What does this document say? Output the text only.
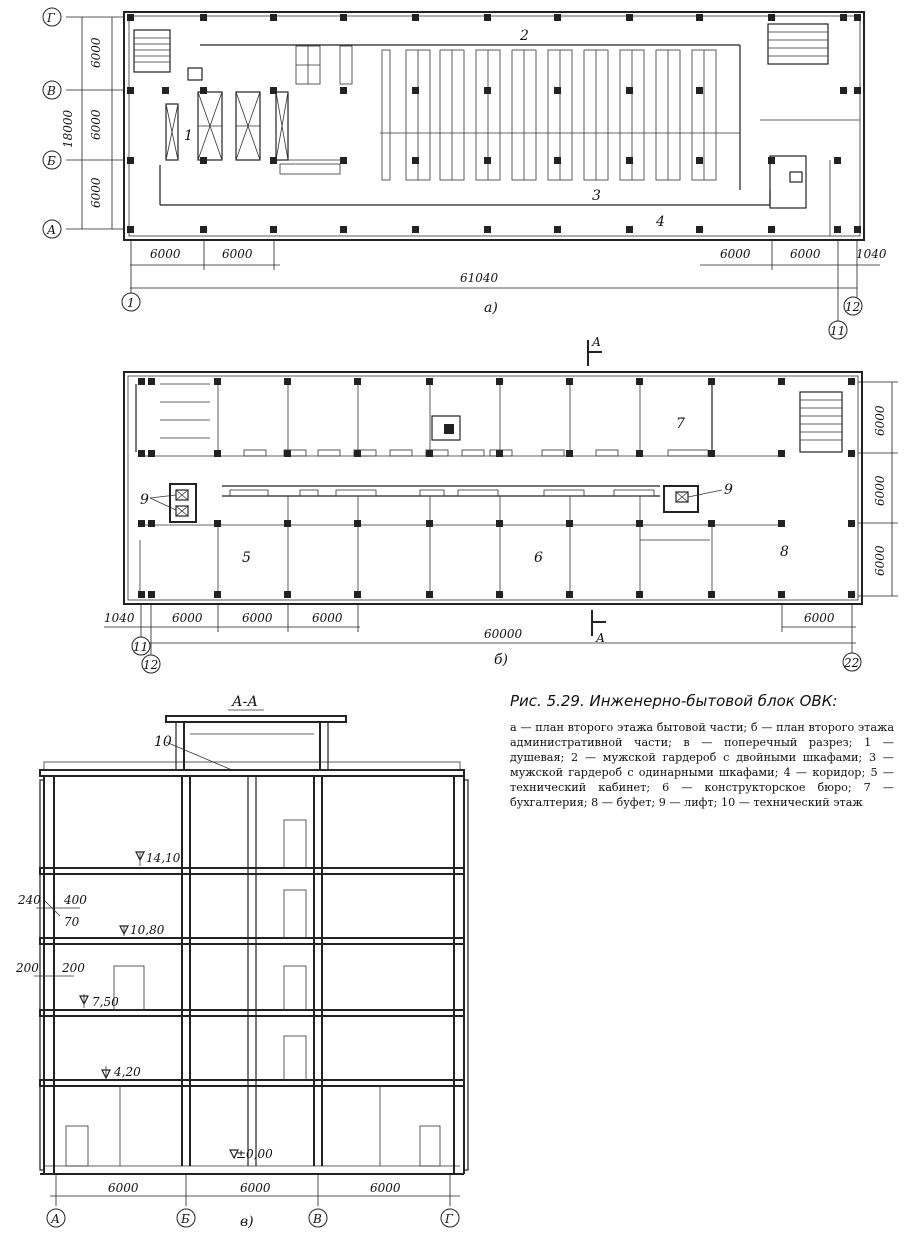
1
2
3
4
6000
6000
6000
18000
Г
В
Б
А
6000	6000	6000	6000	1040
61040
1
11
12
а)
5	6
7
8
9
9
А
А
6000
6000
6000
1040	6000	6000	6000	6000
60000
11
12	22
б)
А-А
10
14,10
10,80
7,50
4,20
±0,00
240 400
70
200 200
6000	6000	6000
А	Б	В	Г
в)

Рис. 5.29. Инженерно-бытовой блок ОВК:

а — план второго этажа бытовой части; б — план второго этажа административной части; в — поперечный разрез; 1 — душевая; 2 — мужской гардероб с двойными шкафами; 3 — мужской гардероб с одинарными шкафами; 4 — коридор; 5 — технический кабинет; 6 — конструкторское бюро; 7 — бухгалтерия; 8 — буфет; 9 — лифт; 10 — технический этаж
